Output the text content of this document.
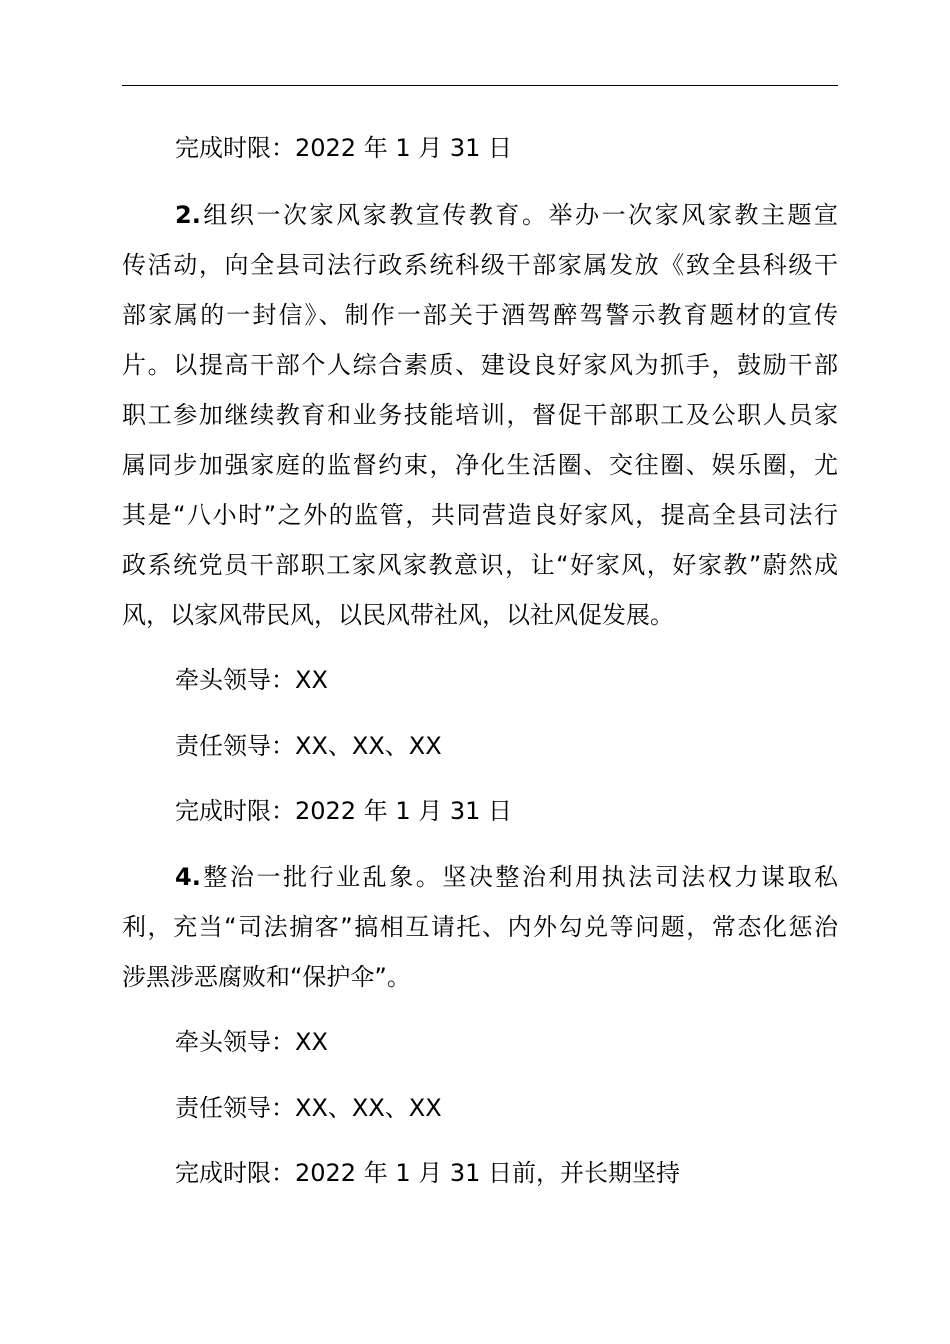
完成时限：2022 年 1 月 31 日
2.组织一次家风家教宣传教育。举办一次家风家教主题宣
传活动，向全县司法行政系统科级干部家属发放《致全县科级干
部家属的一封信》、制作一部关于酒驾醉驾警示教育题材的宣传
片。以提高干部个人综合素质、建设良好家风为抓手，鼓励干部
职工参加继续教育和业务技能培训，督促干部职工及公职人员家
属同步加强家庭的监督约束，净化生活圈、交往圈、娱乐圈，尤
其是“八小时”之外的监管，共同营造良好家风，提高全县司法行
政系统党员干部职工家风家教意识，让“好家风，好家教”蔚然成
风，以家风带民风，以民风带社风，以社风促发展。
牵头领导：XX
责任领导：XX、XX、XX
完成时限：2022 年 1 月 31 日
4.整治一批行业乱象。坚决整治利用执法司法权力谋取私
利，充当“司法掮客”搞相互请托、内外勾兑等问题，常态化惩治
涉黑涉恶腐败和“保护伞”。
牵头领导：XX
责任领导：XX、XX、XX
完成时限：2022 年 1 月 31 日前，并长期坚持
